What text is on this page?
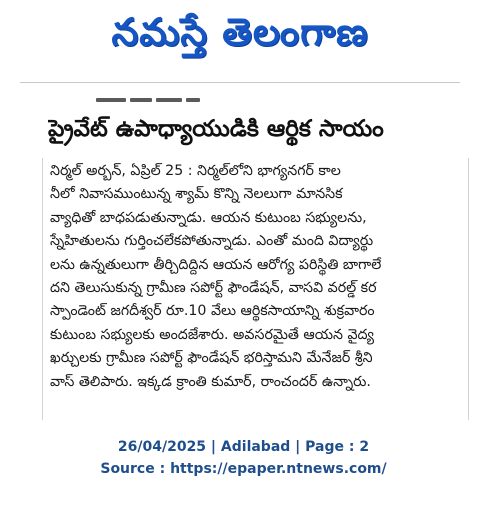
నమస్తే తెలంగాణ
ప్రైవేట్ ఉపాధ్యాయుడికి ఆర్థిక సాయం
నిర్మల్ అర్బన్, ఏప్రిల్ 25 : నిర్మల్‌లోని భాగ్యనగర్ కాల
నీలో నివాసముంటున్న శ్యామ్ కొన్ని నెలలుగా మానసిక
వ్యాధితో బాధపడుతున్నాడు. ఆయన కుటుంబ సభ్యులను,
స్నేహితులను గుర్తించలేకపోతున్నాడు. ఎంతో మంది విద్యార్థు
లను ఉన్నతులుగా తీర్చిదిద్దిన ఆయన ఆరోగ్య పరిస్థితి బాగాలే
దని తెలుసుకున్న గ్రామీణ సపోర్ట్ ఫౌండేషన్, వాసవి వరల్డ్ కర
స్పాండెంట్ జగదీశ్వర్ రూ.10 వేలు ఆర్థికసాయాన్ని శుక్రవారం
కుటుంబ సభ్యులకు అందజేశారు. అవసరమైతే ఆయన వైద్య
ఖర్చులకు గ్రామీణ సపోర్ట్ ఫౌండేషన్ భరిస్తామని మేనేజర్ శ్రీని
వాస్ తెలిపారు. ఇక్కడ క్రాంతి కుమార్, రాంచందర్ ఉన్నారు.
26/04/2025 | Adilabad | Page : 2
Source : https://epaper.ntnews.com/
